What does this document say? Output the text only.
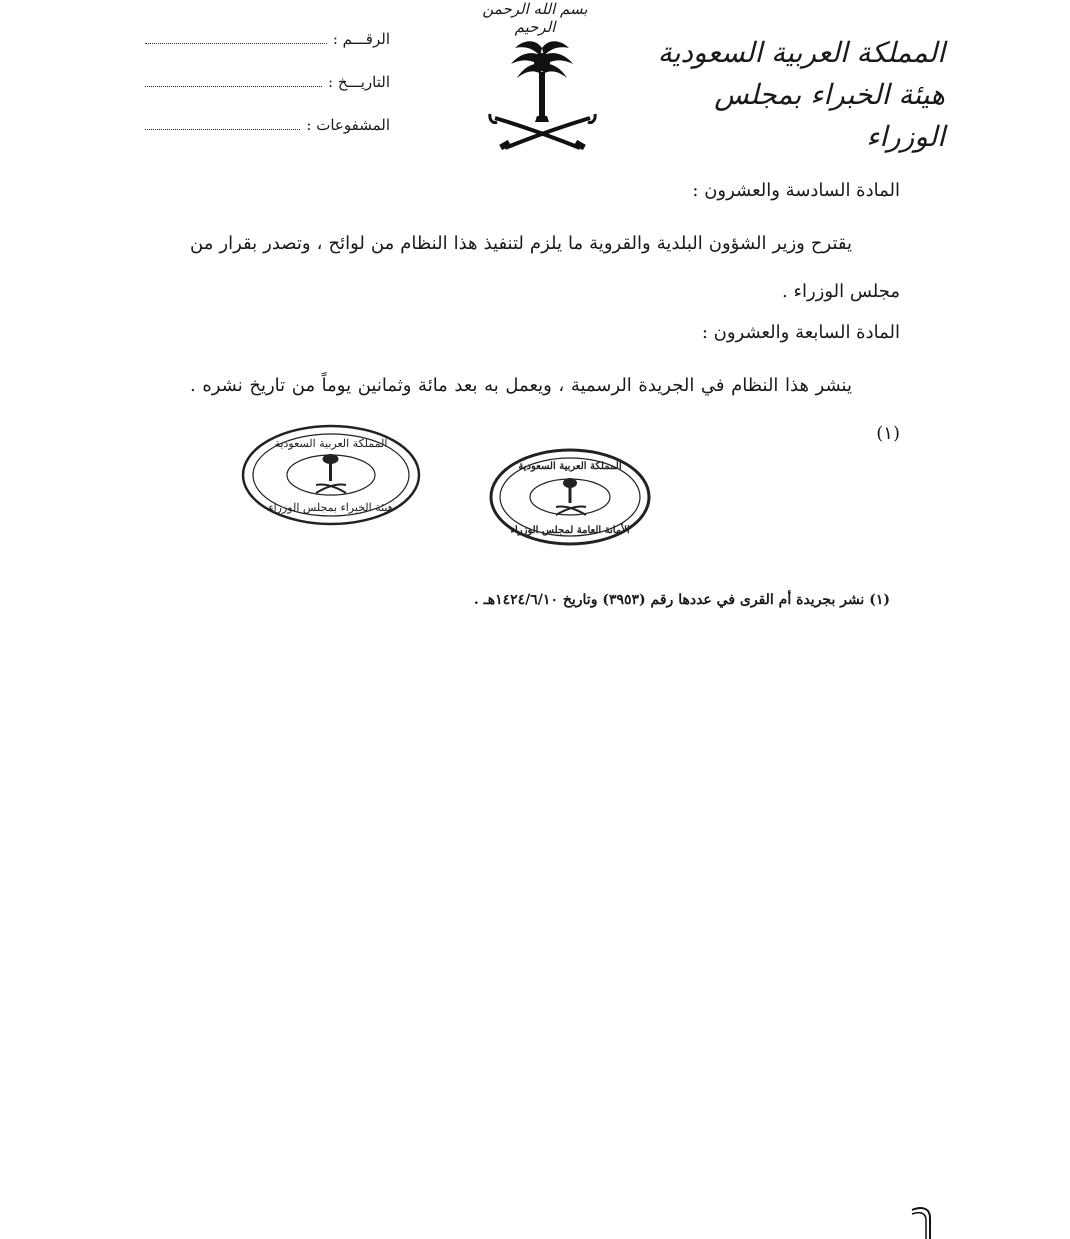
بسم الله الرحمن الرحيم
المملكة العربية السعودية
هيئة الخبراء بمجلس الوزراء
الرقـــم :
التاريـــخ :
المشفوعات :
المادة السادسة والعشرون :
يقترح وزير الشؤون البلدية والقروية ما يلزم لتنفيذ هذا النظام من لوائح ، وتصدر بقرار من مجلس الوزراء .
المادة السابعة والعشرون :
ينشر هذا النظام في الجريدة الرسمية ، ويعمل به بعد مائة وثمانين يوماً من تاريخ نشره . (١)
المملكة العربية السعودية
هيئة الخبراء بمجلس الوزراء
المملكة العربية السعودية
الأمانة العامة لمجلس الوزراء
(١) نشر بجريدة أم القرى في عددها رقم (٣٩٥٣) وتاريخ ١٤٢٤/٦/١٠هـ .
